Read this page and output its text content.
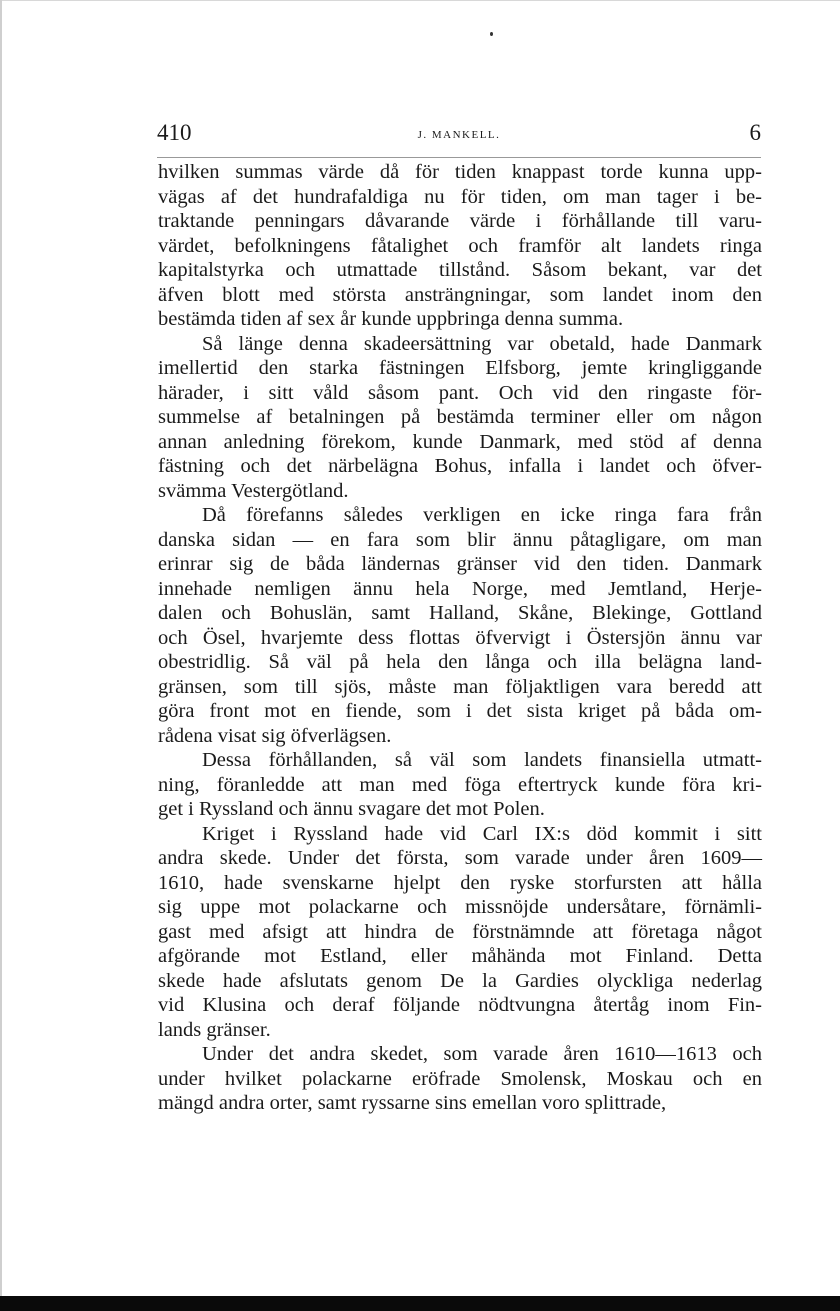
410	J. MANKELL.	6

hvilken summas värde då för tiden knappast torde kunna upp-
vägas af det hundrafaldiga nu för tiden, om man tager i be-
traktande penningars dåvarande värde i förhållande till varu-
värdet, befolkningens fåtalighet och framför alt landets ringa
kapitalstyrka och utmattade tillstånd. Såsom bekant, var det
äfven blott med största ansträngningar, som landet inom den
bestämda tiden af sex år kunde uppbringa denna summa.

Så länge denna skadeersättning var obetald, hade Danmark
imellertid den starka fästningen Elfsborg, jemte kringliggande
härader, i sitt våld såsom pant. Och vid den ringaste för-
summelse af betalningen på bestämda terminer eller om någon
annan anledning förekom, kunde Danmark, med stöd af denna
fästning och det närbelägna Bohus, infalla i landet och öfver-
svämma Vestergötland.

Då förefanns således verkligen en icke ringa fara från
danska sidan — en fara som blir ännu påtagligare, om man
erinrar sig de båda ländernas gränser vid den tiden. Danmark
innehade nemligen ännu hela Norge, med Jemtland, Herje-
dalen och Bohuslän, samt Halland, Skåne, Blekinge, Gottland
och Ösel, hvarjemte dess flottas öfvervigt i Östersjön ännu var
obestridlig. Så väl på hela den långa och illa belägna land-
gränsen, som till sjös, måste man följaktligen vara beredd att
göra front mot en fiende, som i det sista kriget på båda om-
rådena visat sig öfverlägsen.

Dessa förhållanden, så väl som landets finansiella utmatt-
ning, föranledde att man med föga eftertryck kunde föra kri-
get i Ryssland och ännu svagare det mot Polen.

Kriget i Ryssland hade vid Carl IX:s död kommit i sitt
andra skede. Under det första, som varade under åren 1609—
1610, hade svenskarne hjelpt den ryske storfursten att hålla
sig uppe mot polackarne och missnöjde undersåtare, förnämli-
gast med afsigt att hindra de förstnämnde att företaga något
afgörande mot Estland, eller måhända mot Finland. Detta
skede hade afslutats genom De la Gardies olyckliga nederlag
vid Klusina och deraf följande nödtvungna återtåg inom Fin-
lands gränser.

Under det andra skedet, som varade åren 1610—1613 och
under hvilket polackarne eröfrade Smolensk, Moskau och en
mängd andra orter, samt ryssarne sins emellan voro splittrade,
